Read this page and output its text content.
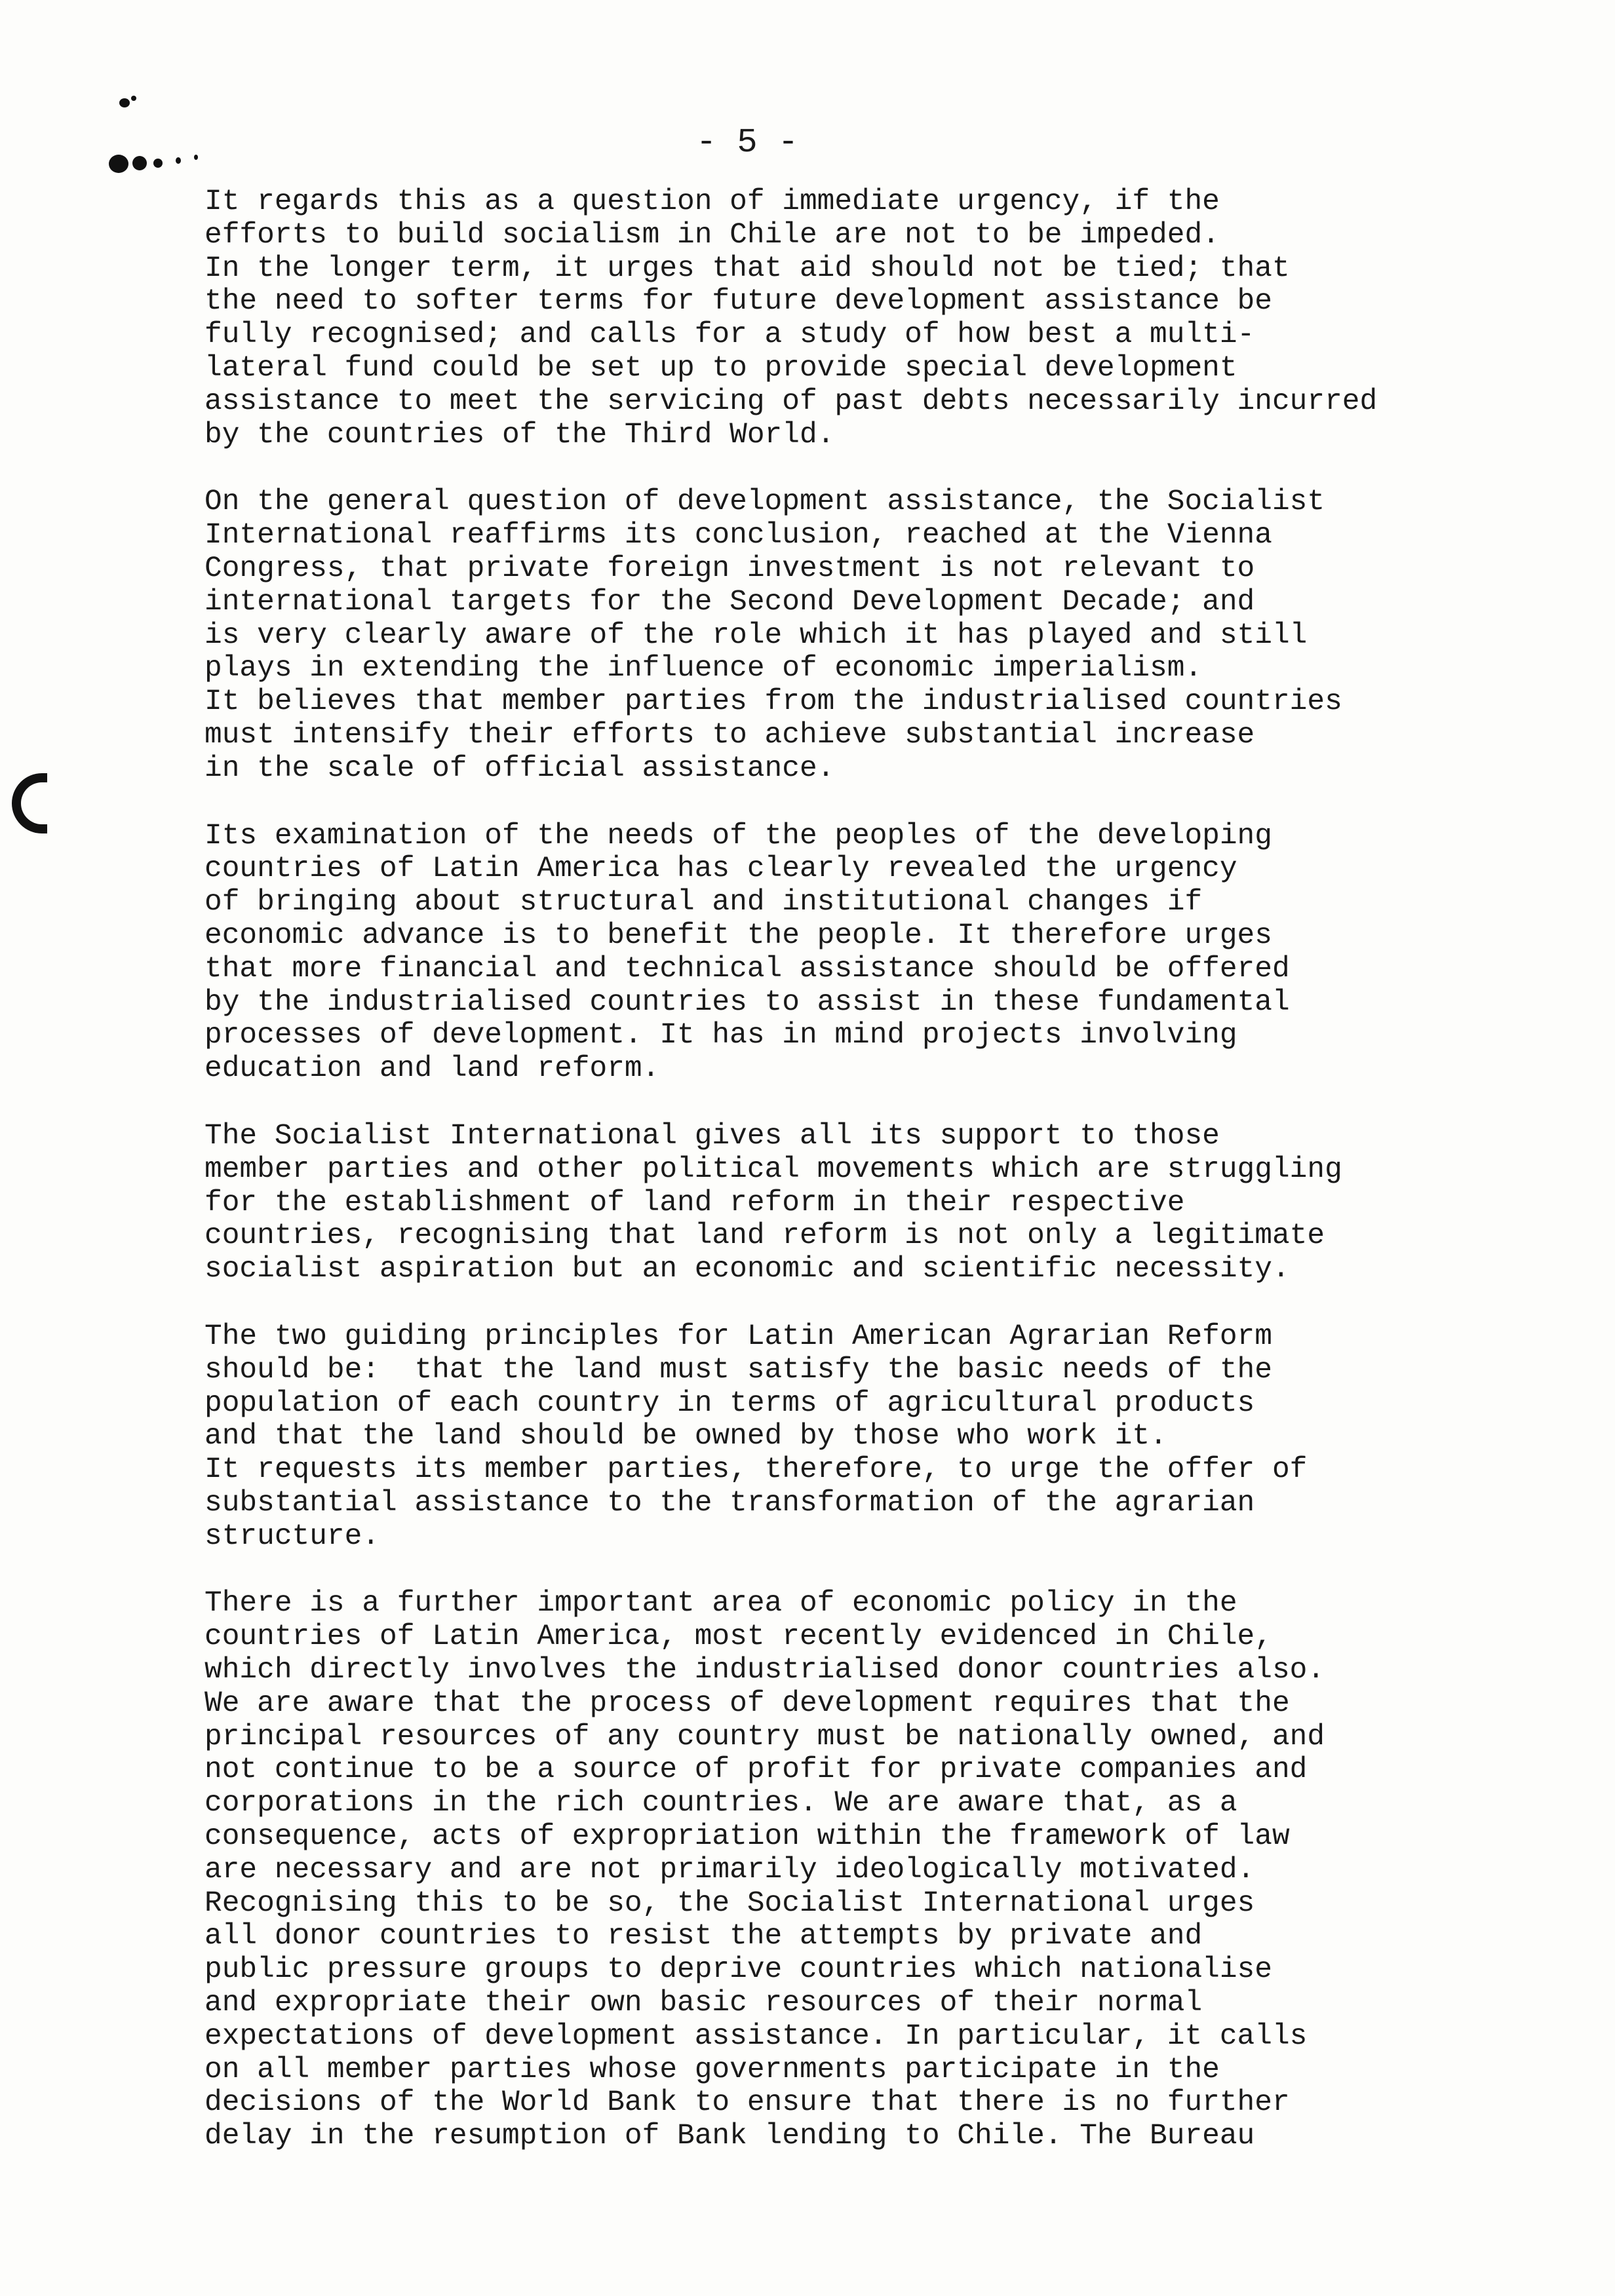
- 5 -
It regards this as a question of immediate urgency, if the
efforts to build socialism in Chile are not to be impeded.
In the longer term, it urges that aid should not be tied; that
the need to softer terms for future development assistance be
fully recognised; and calls for a study of how best a multi-
lateral fund could be set up to provide special development
assistance to meet the servicing of past debts necessarily incurred
by the countries of the Third World.
On the general question of development assistance, the Socialist
International reaffirms its conclusion, reached at the Vienna
Congress, that private foreign investment is not relevant to
international targets for the Second Development Decade; and
is very clearly aware of the role which it has played and still
plays in extending the influence of economic imperialism.
It believes that member parties from the industrialised countries
must intensify their efforts to achieve substantial increase
in the scale of official assistance.
Its examination of the needs of the peoples of the developing
countries of Latin America has clearly revealed the urgency
of bringing about structural and institutional changes if
economic advance is to benefit the people. It therefore urges
that more financial and technical assistance should be offered
by the industrialised countries to assist in these fundamental
processes of development. It has in mind projects involving
education and land reform.
The Socialist International gives all its support to those
member parties and other political movements which are struggling
for the establishment of land reform in their respective
countries, recognising that land reform is not only a legitimate
socialist aspiration but an economic and scientific necessity.
The two guiding principles for Latin American Agrarian Reform
should be:  that the land must satisfy the basic needs of the
population of each country in terms of agricultural products
and that the land should be owned by those who work it.
It requests its member parties, therefore, to urge the offer of
substantial assistance to the transformation of the agrarian
structure.
There is a further important area of economic policy in the
countries of Latin America, most recently evidenced in Chile,
which directly involves the industrialised donor countries also.
We are aware that the process of development requires that the
principal resources of any country must be nationally owned, and
not continue to be a source of profit for private companies and
corporations in the rich countries. We are aware that, as a
consequence, acts of expropriation within the framework of law
are necessary and are not primarily ideologically motivated.
Recognising this to be so, the Socialist International urges
all donor countries to resist the attempts by private and
public pressure groups to deprive countries which nationalise
and expropriate their own basic resources of their normal
expectations of development assistance. In particular, it calls
on all member parties whose governments participate in the
decisions of the World Bank to ensure that there is no further
delay in the resumption of Bank lending to Chile. The Bureau
